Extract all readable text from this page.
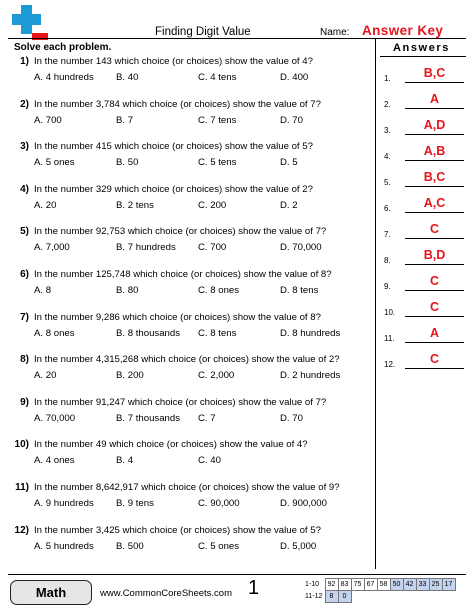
Finding Digit Value	Name: Answer Key
Solve each problem.
1) In the number 143 which choice (or choices) show the value of 4?
A. 4 hundreds B. 40	C. 4 tens	D. 400
2) In the number 3,784 which choice (or choices) show the value of 7?
A. 700	B. 7	C. 7 tens	D. 70
3) In the number 415 which choice (or choices) show the value of 5?
A. 5 ones	B. 50	C. 5 tens	D. 5
4) In the number 329 which choice (or choices) show the value of 2?
A. 20	B. 2 tens	C. 200	D. 2
5) In the number 92,753 which choice (or choices) show the value of 7?
A. 7,000	B. 7 hundreds C. 700	D. 70,000
6) In the number 125,748 which choice (or choices) show the value of 8?
A. 8	B. 80	C. 8 ones	D. 8 tens
7) In the number 9,286 which choice (or choices) show the value of 8?
A. 8 ones	B. 8 thousands C. 8 tens	D. 8 hundreds
8) In the number 4,315,268 which choice (or choices) show the value of 2?
A. 20	B. 200	C. 2,000	D. 2 hundreds
9) In the number 91,247 which choice (or choices) show the value of 7?
A. 70,000	B. 7 thousands C. 7	D. 70
10) In the number 49 which choice (or choices) show the value of 4?
A. 4 ones	B. 4	C. 40
11) In the number 8,642,917 which choice (or choices) show the value of 9?
A. 9 hundreds B. 9 tens	C. 90,000	D. 900,000
12) In the number 3,425 which choice (or choices) show the value of 5?
A. 5 hundreds B. 500	C. 5 ones	D. 5,000
Answers
1.	B,C
2.	A
3.	A,D
4.	A,B
5.	B,C
6.	A,C
7.	C
8.	B,D
9.	C
10.	C
11.	A
12.	C
Math	www.CommonCoreSheets.com 1	1-10	92	83	75	67	58	50	42	33	25	17
11-12	8	0								
